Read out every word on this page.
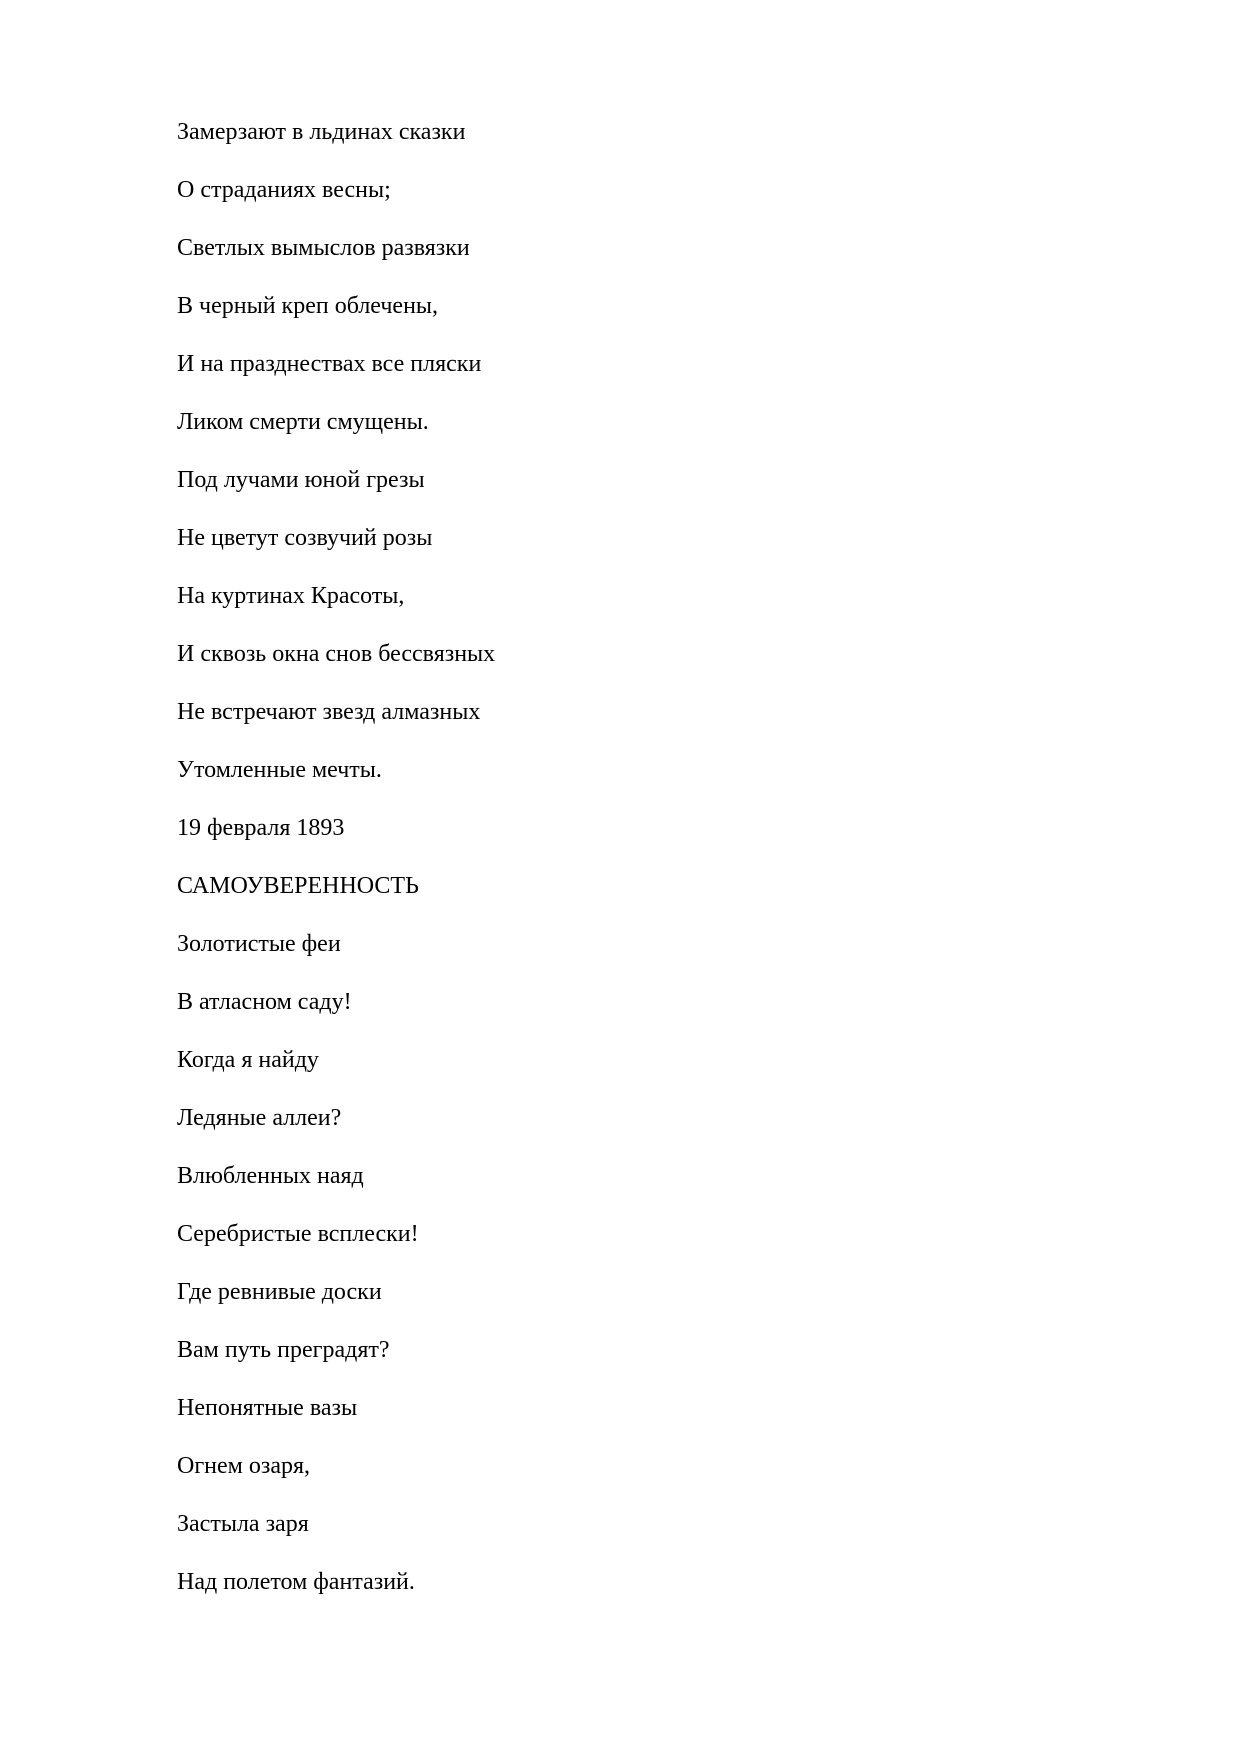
Замерзают в льдинах сказки

О страданиях весны;

Светлых вымыслов развязки

В черный креп облечены,

И на празднествах все пляски

Ликом смерти смущены.

Под лучами юной грезы

Не цветут созвучий розы

На куртинах Красоты,

И сквозь окна снов бессвязных

Не встречают звезд алмазных

Утомленные мечты.

19 февраля 1893

САМОУВЕРЕННОСТЬ

Золотистые феи

В атласном саду!

Когда я найду

Ледяные аллеи?

Влюбленных наяд

Серебристые всплески!

Где ревнивые доски

Вам путь преградят?

Непонятные вазы

Огнем озаря,

Застыла заря

Над полетом фантазий.
